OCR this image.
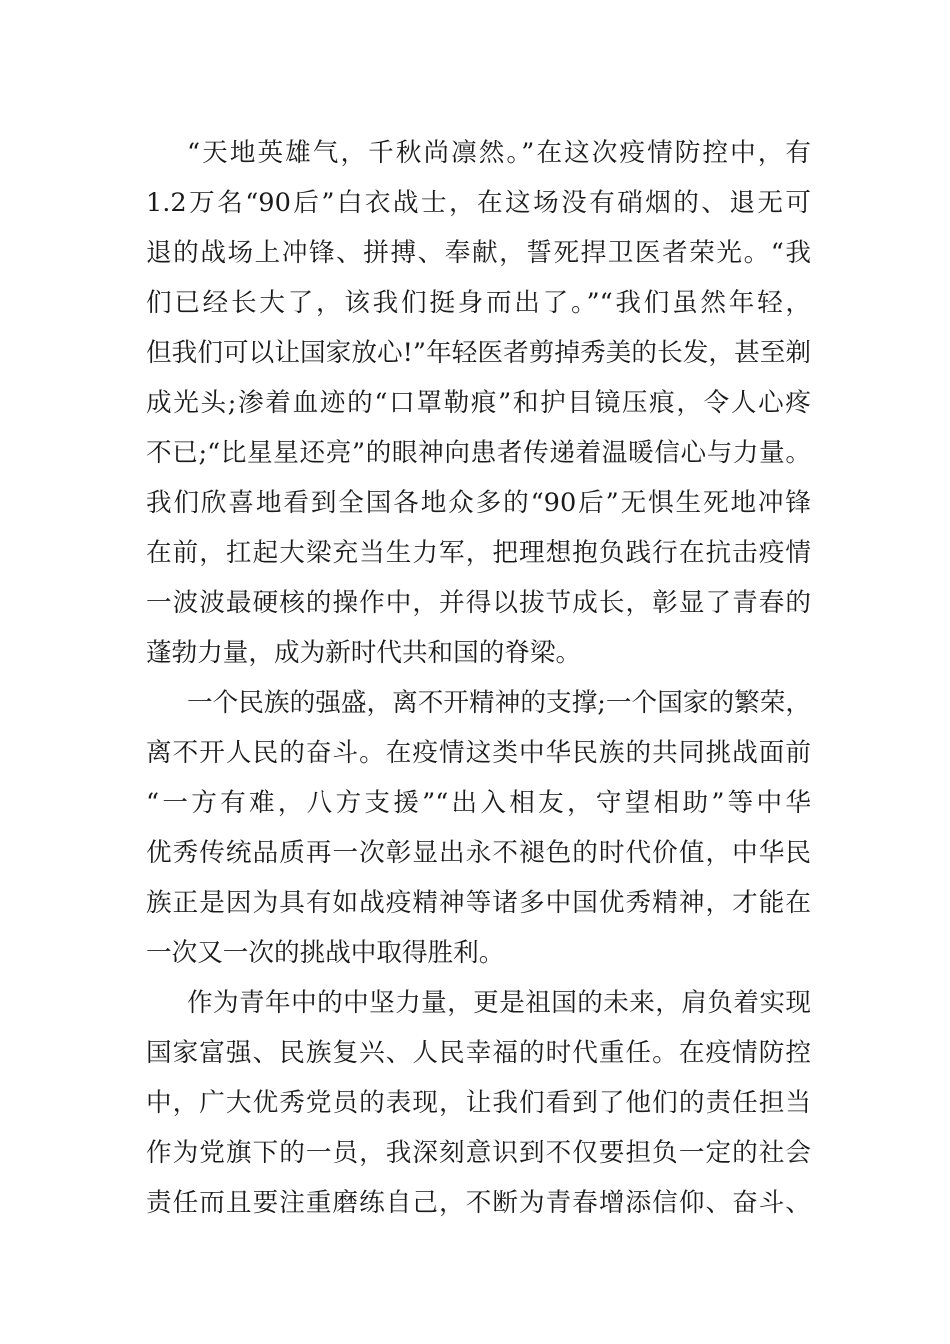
“天地英雄气，千秋尚凛然。”在这次疫情防控中，有

1.2万名“90后”白衣战士，在这场没有硝烟的、退无可

退的战场上冲锋、拼搏、奉献，誓死捍卫医者荣光。“我

们已经长大了，该我们挺身而出了。”“我们虽然年轻，

但我们可以让国家放心!”年轻医者剪掉秀美的长发，甚至剃

成光头;渗着血迹的“口罩勒痕”和护目镜压痕，令人心疼

不已;“比星星还亮”的眼神向患者传递着温暖信心与力量。

我们欣喜地看到全国各地众多的“90后”无惧生死地冲锋

在前，扛起大梁充当生力军，把理想抱负践行在抗击疫情

一波波最硬核的操作中，并得以拔节成长，彰显了青春的

蓬勃力量，成为新时代共和国的脊梁。

一个民族的强盛，离不开精神的支撑;一个国家的繁荣，

离不开人民的奋斗。在疫情这类中华民族的共同挑战面前

“一方有难，八方支援”“出入相友，守望相助”等中华

优秀传统品质再一次彰显出永不褪色的时代价值，中华民

族正是因为具有如战疫精神等诸多中国优秀精神，才能在

一次又一次的挑战中取得胜利。

作为青年中的中坚力量，更是祖国的未来，肩负着实现

国家富强、民族复兴、人民幸福的时代重任。在疫情防控

中，广大优秀党员的表现，让我们看到了他们的责任担当

作为党旗下的一员，我深刻意识到不仅要担负一定的社会

责任而且要注重磨练自己，不断为青春增添信仰、奋斗、
